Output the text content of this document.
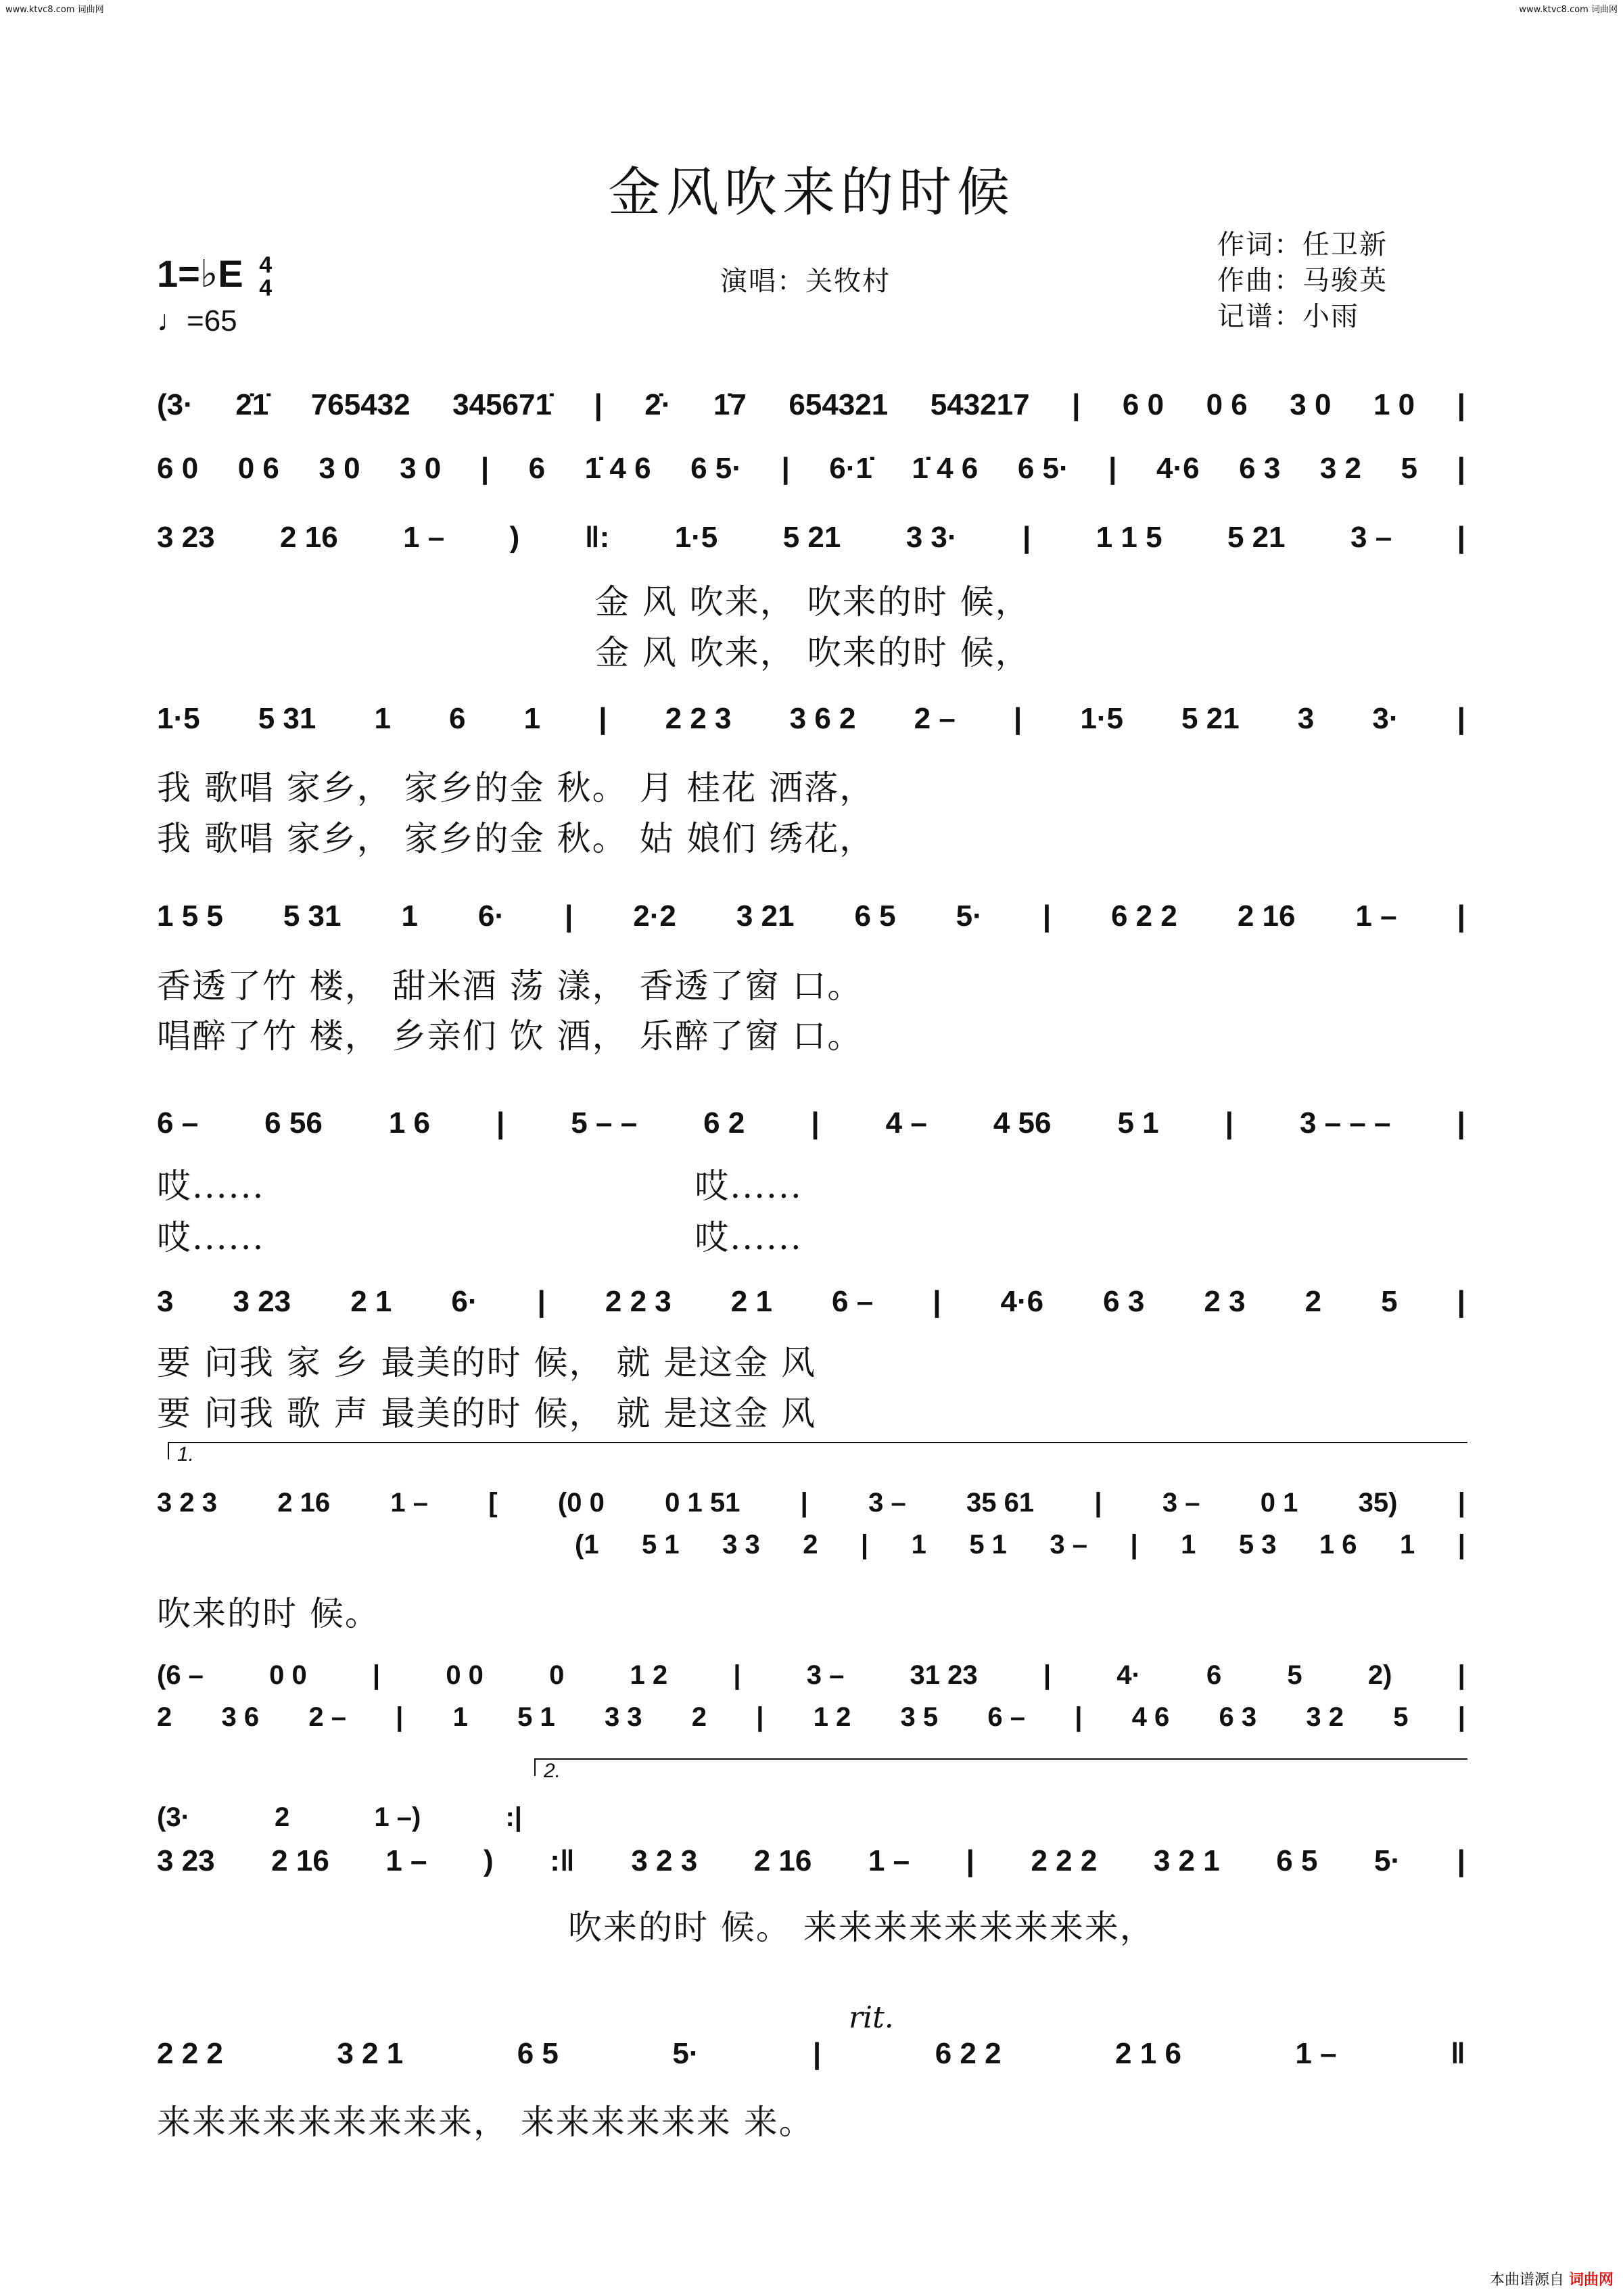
www.ktvc8.com 词曲网	www.ktvc8.com 词曲网
金风吹来的时候
1=♭E 4
4
♩=65
演唱：关牧村
作词：任卫新
作曲：马骏英
记谱：小雨
(3· 2̇1̇ 765432 345671̇ | 2̇· 1̇7 654321 543217 | 6 0 0 6 3 0 1 0 |
6 0 0 6 3 0 3 0 | 6 1̇ 4 6 6 5· | 6·1̇ 1̇ 4 6 6 5· | 4·6 6 3 3 2 5 |
3 23 2 16 1 – ) ‖: 1·5 5 21 3 3· | 1 1 5 5 21 3 – |
金 风 吹来， 吹来的时 候，
金 风 吹来， 吹来的时 候，
1·5 5 31 1 6 1 | 2 2 3 3 6 2 2 – | 1·5 5 21 3 3· |
我 歌唱 家乡， 家乡的金 秋。 月 桂花 洒落，
我 歌唱 家乡， 家乡的金 秋。 姑 娘们 绣花，
1 5 5 5 31 1 6· | 2·2 3 21 6 5 5· | 6 2 2 2 16 1 – |
香透了竹 楼， 甜米酒 荡 漾， 香透了窗 口。
唱醉了竹 楼， 乡亲们 饮 酒， 乐醉了窗 口。
6 – 6 56 1 6 | 5 – – 6 2 | 4 – 4 56 5 1 | 3 – – – |
哎......	哎......
哎......	哎......
3 3 23 2 1 6· | 2 2 3 2 1 6 – | 4·6 6 3 2 3 2 5 |
要 问我 家 乡 最美的时 候， 就 是这金 风
要 问我 歌 声 最美的时 候， 就 是这金 风
1.
3 2 3 2 16 1 – [ (0 0 0 1 51 | 3 – 35 61 | 3 – 0 1 35) |
(1 5 1 3 3 2 | 1 5 1 3 – | 1 5 3 1 6 1 |
吹来的时 候。
(6 – 0 0 | 0 0 0 1 2 | 3 – 31 23 | 4· 6 5 2) |
2 3 6 2 – | 1 5 1 3 3 2 | 1 2 3 5 6 – | 4 6 6 3 3 2 5 |
2.
(3·	2	1 –)	:|
3 23 2 16 1 – ) :‖ 3 2 3 2 16 1 – | 2 2 2 3 2 1 6 5 5· |
吹来的时 候。 来来来来来来来来来，
rit.
2 2 2	3 2 1	6 5	5·	|	6 2 2	2 1 6	1 –	‖
来来来来来来来来来， 来来来来来来 来。
本曲谱源自 词曲网
